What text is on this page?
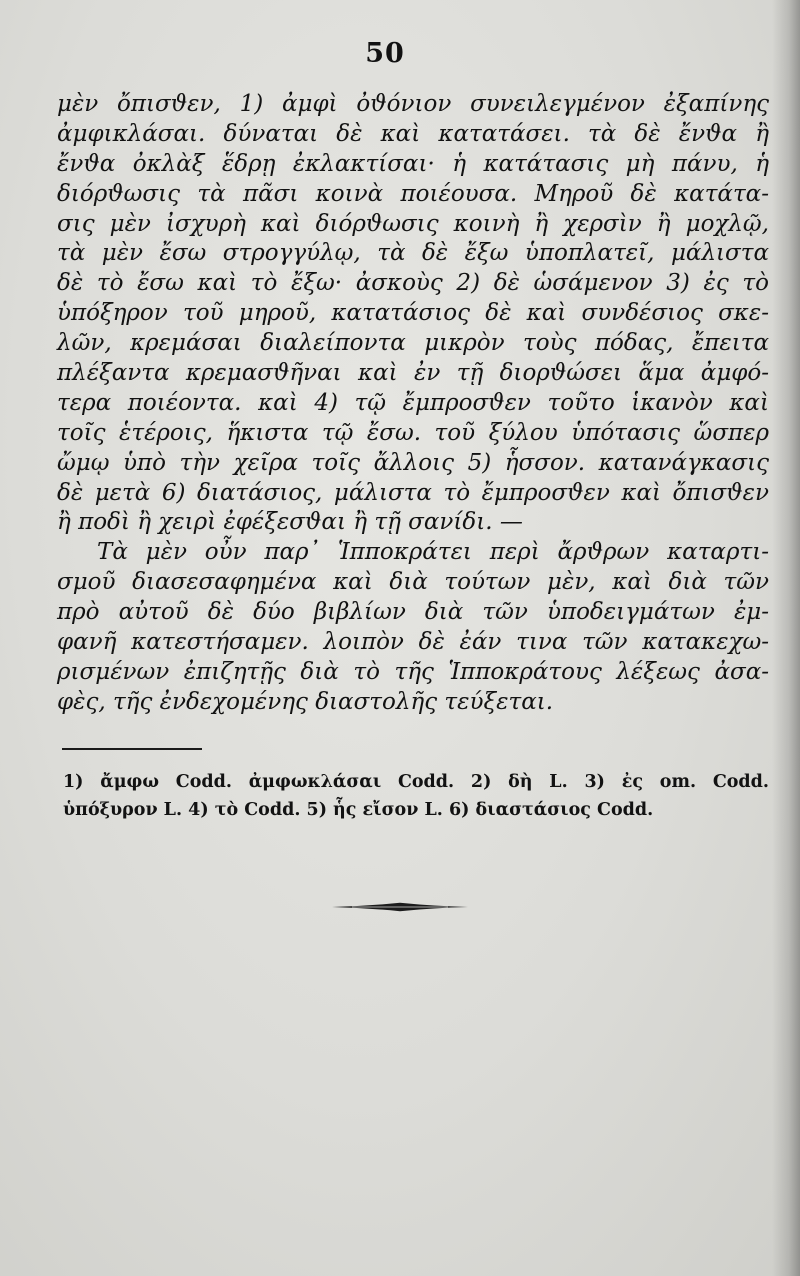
50
μὲν ὄπισϑεν, 1) ἀμφὶ ὀϑόνιον συνειλεγμένον ἐξαπίνης
ἀμφικλάσαι. δύναται δὲ καὶ κατατάσει. τὰ δὲ ἔνϑα ἢ
ἔνϑα ὀκλὰξ ἕδρῃ ἐκλακτίσαι· ἡ κατάτασις μὴ πάνυ, ἡ
διόρϑωσις τὰ πᾶσι κοινὰ ποιέουσα. Μηροῦ δὲ κατάτα-
σις μὲν ἰσχυρὴ καὶ διόρϑωσις κοινὴ ἢ χερσὶν ἢ μοχλῷ,
τὰ μὲν ἔσω στρογγύλῳ, τὰ δὲ ἔξω ὑποπλατεῖ, μάλιστα
δὲ τὸ ἔσω καὶ τὸ ἔξω· ἀσκοὺς 2) δὲ ὡσάμενον 3) ἐς τὸ
ὑπόξηρον τοῦ μηροῦ, κατατάσιος δὲ καὶ συνδέσιος σκε-
λῶν, κρεμάσαι διαλείποντα μικρὸν τοὺς πόδας, ἔπειτα
πλέξαντα κρεμασϑῆναι καὶ ἐν τῇ διορϑώσει ἅμα ἀμφό-
τερα ποιέοντα. καὶ 4) τῷ ἔμπροσϑεν τοῦτο ἱκανὸν καὶ
τοῖς ἑτέροις, ἥκιστα τῷ ἔσω. τοῦ ξύλου ὑπότασις ὥσπερ
ὤμῳ ὑπὸ τὴν χεῖρα τοῖς ἄλλοις 5) ἧσσον. κατανάγκασις
δὲ μετὰ 6) διατάσιος, μάλιστα τὸ ἔμπροσϑεν καὶ ὄπισϑεν
ἢ ποδὶ ἢ χειρὶ ἐφέξεσϑαι ἢ τῇ σανίδι. —
Τὰ μὲν οὖν παρ᾽ Ἱπποκράτει περὶ ἄρϑρων καταρτι-
σμοῦ διασεσαφημένα καὶ διὰ τούτων μὲν, καὶ διὰ τῶν
πρὸ αὐτοῦ δὲ δύο βιβλίων διὰ τῶν ὑποδειγμάτων ἐμ-
φανῆ κατεστήσαμεν. λοιπὸν δὲ ἐάν τινα τῶν κατακεχω-
ρισμένων ἐπιζητῇς διὰ τὸ τῆς Ἱπποκράτους λέξεως ἀσα-
φὲς, τῆς ἐνδεχομένης διαστολῆς τεύξεται.
1) ἄμφω Codd. ἀμφωκλάσαι Codd. 2) δὴ L. 3) ἐς om. Codd.
ὑπόξυρον L. 4) τὸ Codd. 5) ἧς εἴσον L. 6) διαστάσιος Codd.
